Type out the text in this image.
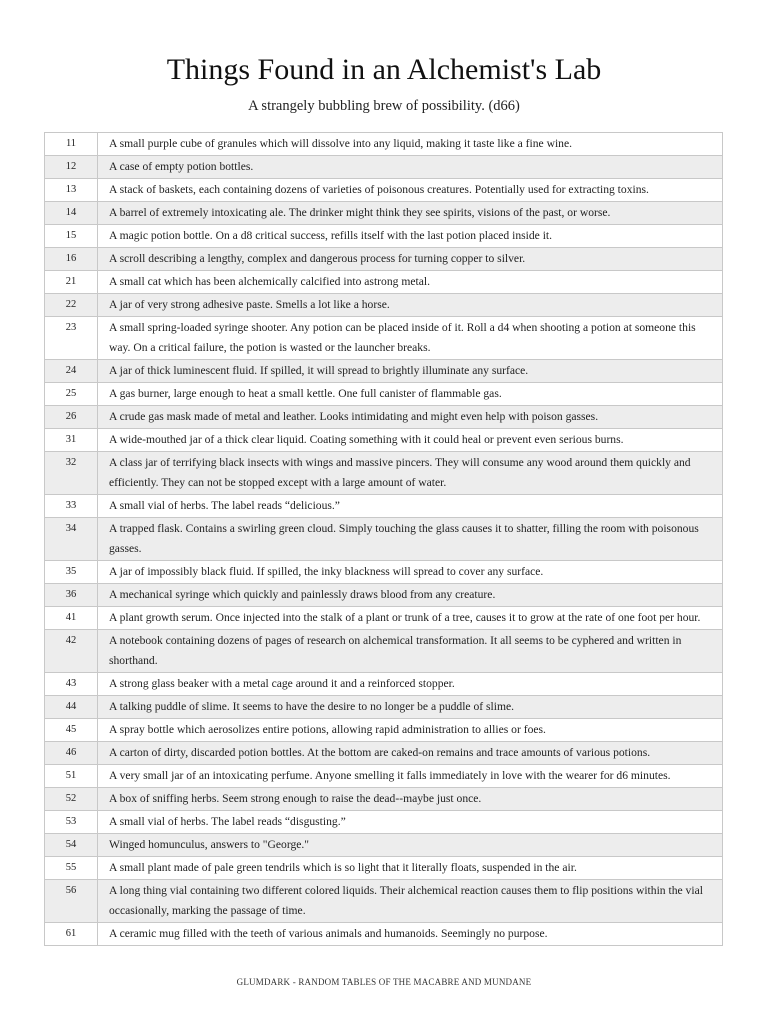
Things Found in an Alchemist's Lab
A strangely bubbling brew of possibility. (d66)
11	A small purple cube of granules which will dissolve into any liquid, making it taste like a fine wine.
12	A case of empty potion bottles.
13	A stack of baskets, each containing dozens of varieties of poisonous creatures. Potentially used for extracting toxins.
14	A barrel of extremely intoxicating ale. The drinker might think they see spirits, visions of the past, or worse.
15	A magic potion bottle. On a d8 critical success, refills itself with the last potion placed inside it.
16	A scroll describing a lengthy, complex and dangerous process for turning copper to silver.
21	A small cat which has been alchemically calcified into astrong metal.
22	A jar of very strong adhesive paste. Smells a lot like a horse.
23	A small spring-loaded syringe shooter. Any potion can be placed inside of it. Roll a d4 when shooting a potion at someone this way. On a critical failure, the potion is wasted or the launcher breaks.
24	A jar of thick luminescent fluid. If spilled, it will spread to brightly illuminate any surface.
25	A gas burner, large enough to heat a small kettle. One full canister of flammable gas.
26	A crude gas mask made of metal and leather. Looks intimidating and might even help with poison gasses.
31	A wide-mouthed jar of a thick clear liquid. Coating something with it could heal or prevent even serious burns.
32	A class jar of terrifying black insects with wings and massive pincers. They will consume any wood around them quickly and efficiently. They can not be stopped except with a large amount of water.
33	A small vial of herbs. The label reads “delicious.”
34	A trapped flask. Contains a swirling green cloud. Simply touching the glass causes it to shatter, filling the room with poisonous gasses.
35	A jar of impossibly black fluid. If spilled, the inky blackness will spread to cover any surface.
36	A mechanical syringe which quickly and painlessly draws blood from any creature.
41	A plant growth serum. Once injected into the stalk of a plant or trunk of a tree, causes it to grow at the rate of one foot per hour.
42	A notebook containing dozens of pages of research on alchemical transformation. It all seems to be cyphered and written in shorthand.
43	A strong glass beaker with a metal cage around it and a reinforced stopper.
44	A talking puddle of slime. It seems to have the desire to no longer be a puddle of slime.
45	A spray bottle which aerosolizes entire potions, allowing rapid administration to allies or foes.
46	A carton of dirty, discarded potion bottles. At the bottom are caked-on remains and trace amounts of various potions.
51	A very small jar of an intoxicating perfume. Anyone smelling it falls immediately in love with the wearer for d6 minutes.
52	A box of sniffing herbs. Seem strong enough to raise the dead--maybe just once.
53	A small vial of herbs. The label reads “disgusting.”
54	Winged homunculus, answers to "George."
55	A small plant made of pale green tendrils which is so light that it literally floats, suspended in the air.
56	A long thing vial containing two different colored liquids. Their alchemical reaction causes them to flip positions within the vial occasionally, marking the passage of time.
61	A ceramic mug filled with the teeth of various animals and humanoids. Seemingly no purpose.
GLUMDARK - RANDOM TABLES OF THE MACABRE AND MUNDANE
